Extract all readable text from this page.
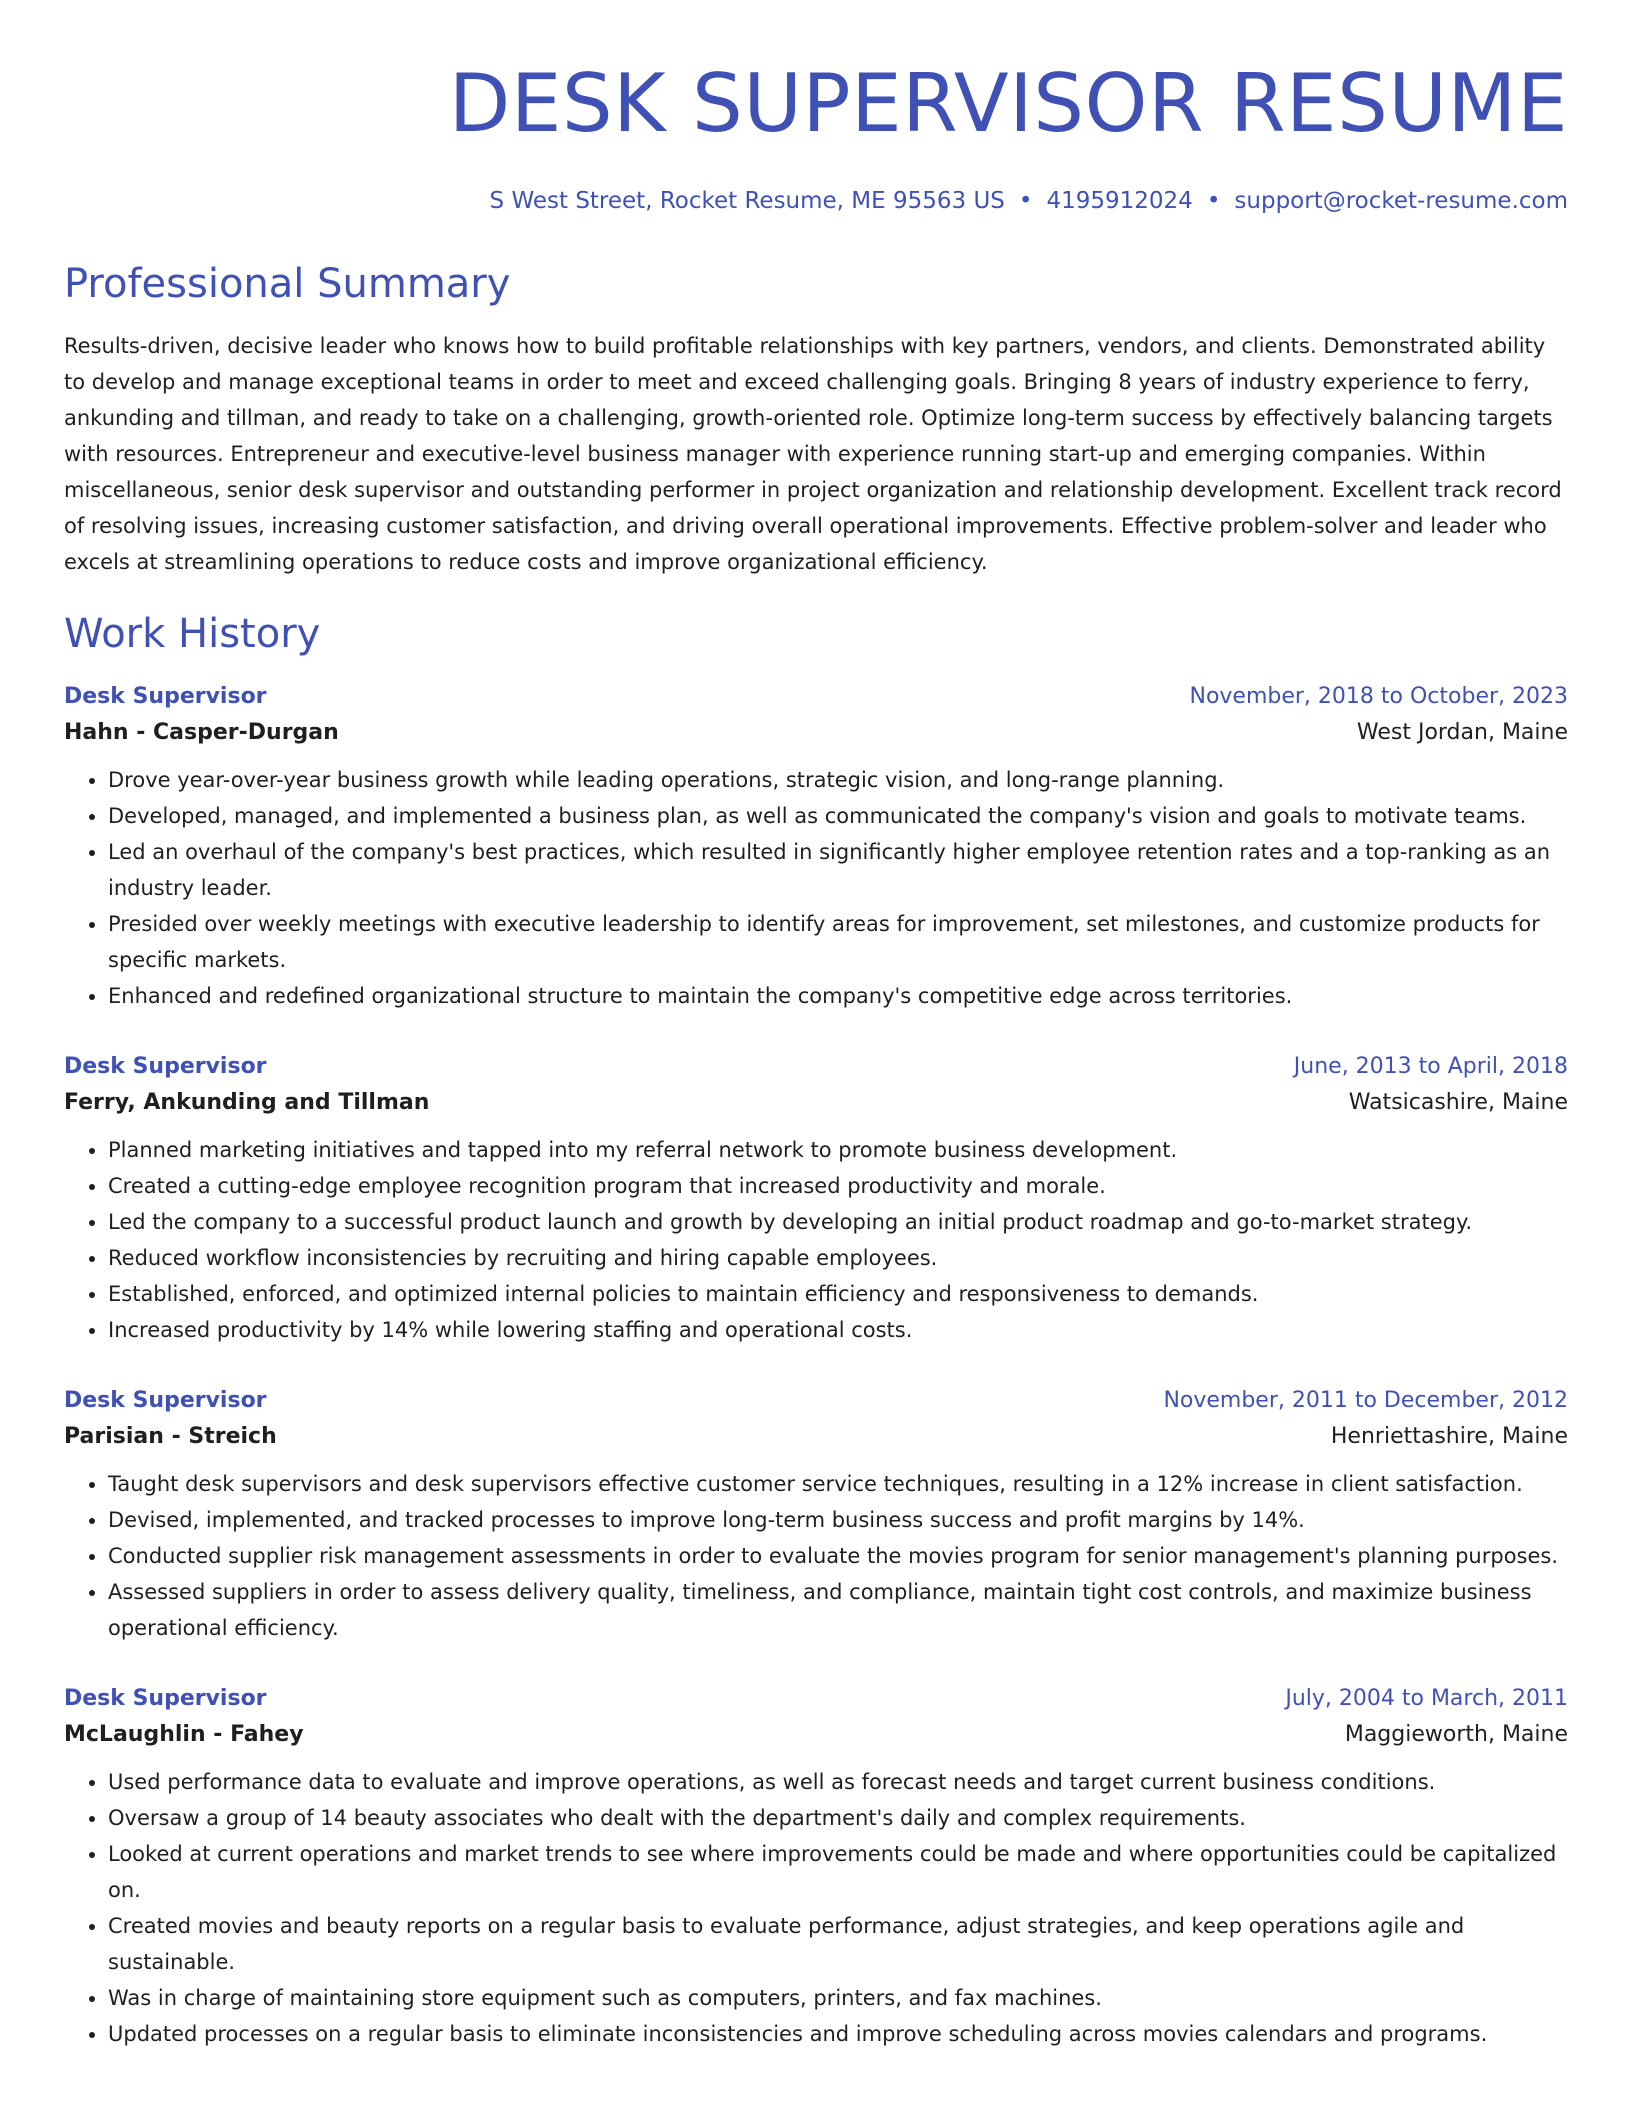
DESK SUPERVISOR RESUME
S West Street, Rocket Resume, ME 95563 US • 4195912024 • support@rocket-resume.com
Professional Summary

Results-driven, decisive leader who knows how to build profitable relationships with key partners, vendors, and clients. Demonstrated ability to develop and manage exceptional teams in order to meet and exceed challenging goals. Bringing 8 years of industry experience to ferry, ankunding and tillman, and ready to take on a challenging, growth-oriented role. Optimize long-term success by effectively balancing targets with resources. Entrepreneur and executive-level business manager with experience running start-up and emerging companies. Within miscellaneous, senior desk supervisor and outstanding performer in project organization and relationship development. Excellent track record of resolving issues, increasing customer satisfaction, and driving overall operational improvements. Effective problem-solver and leader who excels at streamlining operations to reduce costs and improve organizational efficiency.

Work History
Desk Supervisor	November, 2018 to October, 2023
Hahn - Casper-Durgan	West Jordan, Maine
• Drove year-over-year business growth while leading operations, strategic vision, and long-range planning.
• Developed, managed, and implemented a business plan, as well as communicated the company's vision and goals to motivate teams.
• Led an overhaul of the company's best practices, which resulted in significantly higher employee retention rates and a top-ranking as an industry leader.
• Presided over weekly meetings with executive leadership to identify areas for improvement, set milestones, and customize products for specific markets.
• Enhanced and redefined organizational structure to maintain the company's competitive edge across territories.
Desk Supervisor	June, 2013 to April, 2018
Ferry, Ankunding and Tillman	Watsicashire, Maine
• Planned marketing initiatives and tapped into my referral network to promote business development.
• Created a cutting-edge employee recognition program that increased productivity and morale.
• Led the company to a successful product launch and growth by developing an initial product roadmap and go-to-market strategy.
• Reduced workflow inconsistencies by recruiting and hiring capable employees.
• Established, enforced, and optimized internal policies to maintain efficiency and responsiveness to demands.
• Increased productivity by 14% while lowering staffing and operational costs.
Desk Supervisor	November, 2011 to December, 2012
Parisian - Streich	Henriettashire, Maine
• Taught desk supervisors and desk supervisors effective customer service techniques, resulting in a 12% increase in client satisfaction.
• Devised, implemented, and tracked processes to improve long-term business success and profit margins by 14%.
• Conducted supplier risk management assessments in order to evaluate the movies program for senior management's planning purposes.
• Assessed suppliers in order to assess delivery quality, timeliness, and compliance, maintain tight cost controls, and maximize business operational efficiency.
Desk Supervisor	July, 2004 to March, 2011
McLaughlin - Fahey	Maggieworth, Maine
• Used performance data to evaluate and improve operations, as well as forecast needs and target current business conditions.
• Oversaw a group of 14 beauty associates who dealt with the department's daily and complex requirements.
• Looked at current operations and market trends to see where improvements could be made and where opportunities could be capitalized on.
• Created movies and beauty reports on a regular basis to evaluate performance, adjust strategies, and keep operations agile and sustainable.
• Was in charge of maintaining store equipment such as computers, printers, and fax machines.
• Updated processes on a regular basis to eliminate inconsistencies and improve scheduling across movies calendars and programs.
